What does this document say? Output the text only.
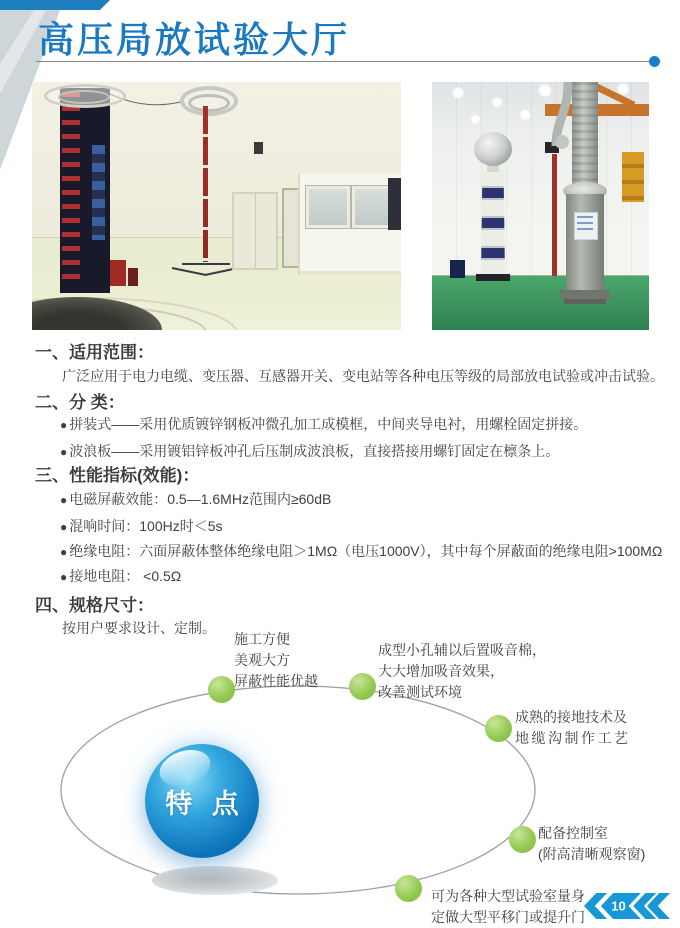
高压局放试验大厅
一、适用范围：
广泛应用于电力电缆、变压器、互感器开关、变电站等各种电压等级的局部放电试验或冲击试验。
二、分 类：
● 拼装式——采用优质镀锌钢板冲微孔加工成模框，中间夹导电衬，用螺栓固定拼接。
● 波浪板——采用镀铝锌板冲孔后压制成波浪板，直接搭接用螺钉固定在檩条上。
三、性能指标(效能)：
● 电磁屏蔽效能：0.5—1.6MHz范围内≥60dB
● 混响时间：100Hz时＜5s
● 绝缘电阻：六面屏蔽体整体绝缘电阻＞1MΩ（电压1000V），其中每个屏蔽面的绝缘电阻>100MΩ
● 接地电阻： <0.5Ω
四、规格尺寸：
按用户要求设计、定制。
特 点
施工方便
美观大方
屏蔽性能优越
成型小孔辅以后置吸音棉，
大大增加吸音效果，
改善测试环境
成熟的接地技术及
地缆沟制作工艺
配备控制室
(附高清晰观察窗)
可为各种大型试验室量身
定做大型平移门或提升门
10
